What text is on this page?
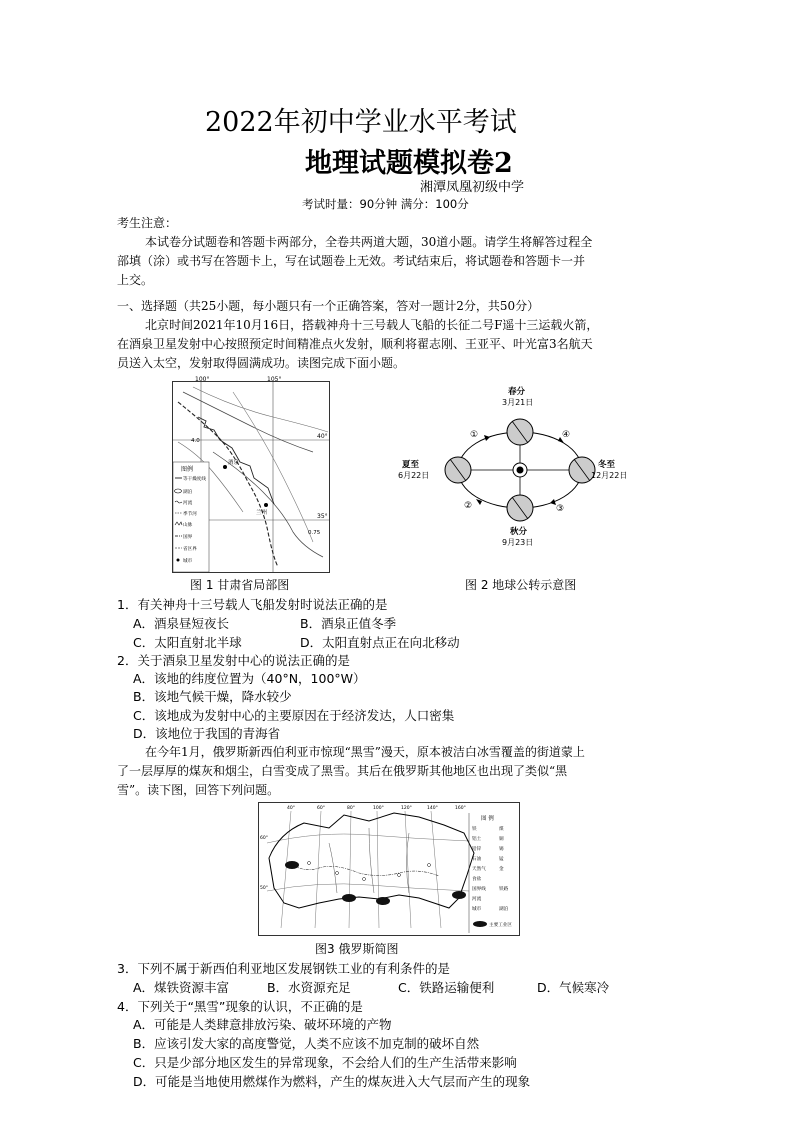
2022年初中学业水平考试
地理试题模拟卷2
湘潭凤凰初级中学
考试时量：90分钟 满分：100分
考生注意：
本试卷分试题卷和答题卡两部分，全卷共两道大题，30道小题。请学生将解答过程全
部填（涂）或书写在答题卡上，写在试题卷上无效。考试结束后，将试题卷和答题卡一并
上交。
一、选择题（共25小题，每小题只有一个正确答案，答对一题计2分，共50分）
北京时间2021年10月16日，搭载神舟十三号载人飞船的长征二号F遥十三运载火箭，
在酒泉卫星发射中心按照预定时间精准点火发射，顺利将翟志刚、王亚平、叶光富3名航天
员送入太空，发射取得圆满成功。读图完成下面小题。
100°	105°
40°
35°
酒泉
兰州
4.0
0.75
图例
等干燥度线
湖泊
河流
季节河
山脉
国界
省区界
城市
图 1 甘肃省局部图
春分
3月21日
夏至
6月22日
冬至
12月22日
秋分
9月23日
①
②	③
④
图 2 地球公转示意图
1．有关神舟十三号载人飞船发射时说法正确的是
A．酒泉昼短夜长	B．酒泉正值冬季
C．太阳直射北半球	D．太阳直射点正在向北移动
2．关于酒泉卫星发射中心的说法正确的是
A．该地的纬度位置为（40°N，100°W）
B．该地气候干燥，降水较少
C．该地成为发射中心的主要原因在于经济发达，人口密集
D．该地位于我国的青海省
在今年1月，俄罗斯新西伯利亚市惊现“黑雪”漫天，原本被洁白冰雪覆盖的街道蒙上
了一层厚厚的煤灰和烟尘，白雪变成了黑雪。其后在俄罗斯其他地区也出现了类似“黑
雪”。读下图，回答下列问题。
40°	60°	80°	100°	120°	140°	160°
60°
50°
图 例
铁
铝土
铅锌
石油
天然气
食盐
国界线
河流
城市
煤
铜
锡
锰
金
铁路
湖泊
主要工业区
图3 俄罗斯简图
3．下列不属于新西伯利亚地区发展钢铁工业的有利条件的是
A．煤铁资源丰富	B．水资源充足	C．铁路运输便利	D．气候寒冷
4．下列关于“黑雪”现象的认识，不正确的是
A．可能是人类肆意排放污染、破坏环境的产物
B．应该引发大家的高度警觉，人类不应该不加克制的破坏自然
C．只是少部分地区发生的异常现象，不会给人们的生产生活带来影响
D．可能是当地使用燃煤作为燃料，产生的煤灰进入大气层而产生的现象
